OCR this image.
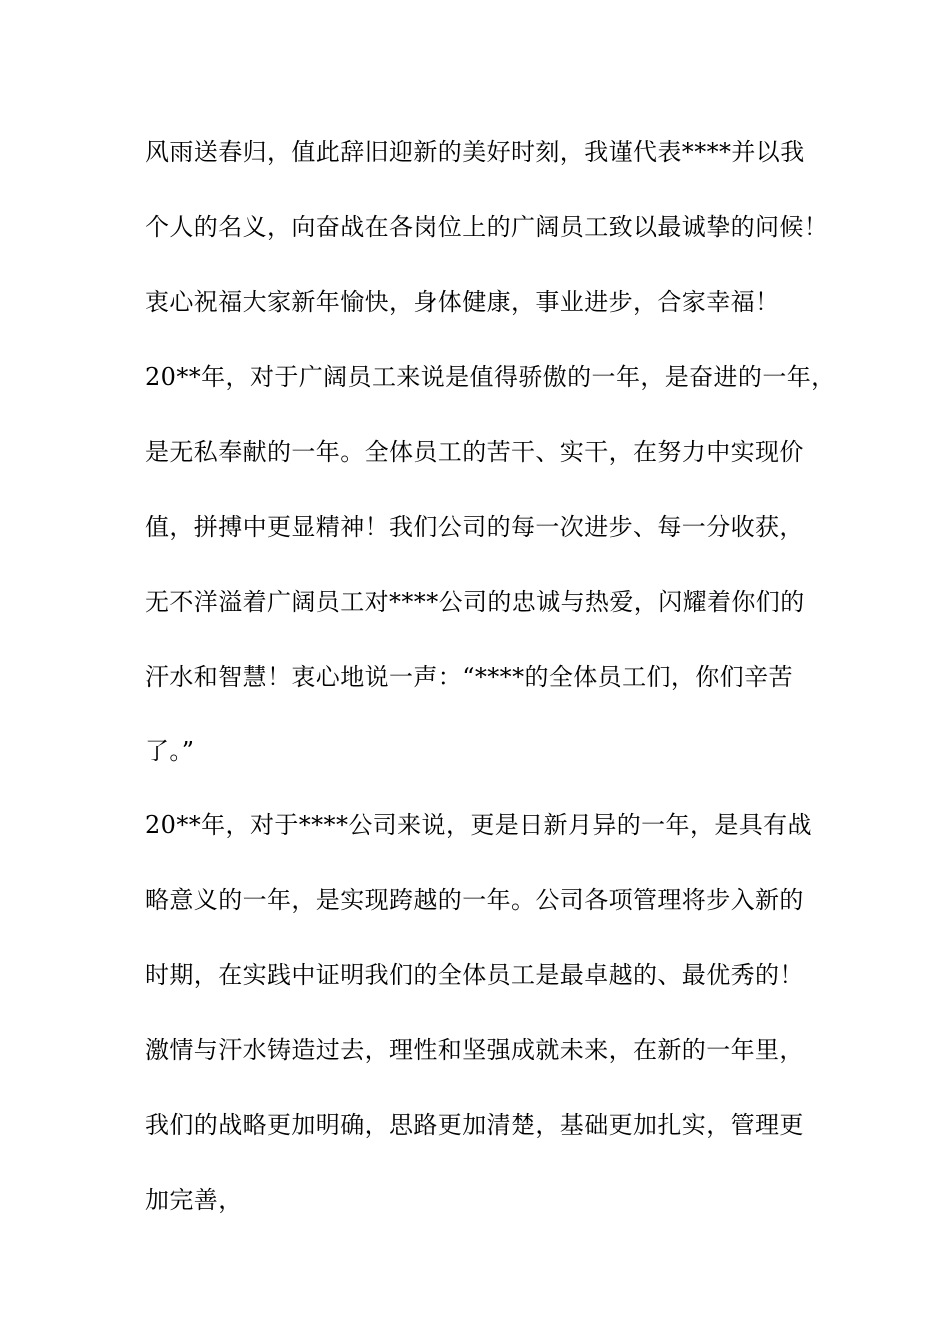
风雨送春归，值此辞旧迎新的美好时刻，我谨代表****并以我
个人的名义，向奋战在各岗位上的广阔员工致以最诚挚的问候！
衷心祝福大家新年愉快，身体健康，事业进步，合家幸福！
20**年，对于广阔员工来说是值得骄傲的一年，是奋进的一年，
是无私奉献的一年。全体员工的苦干、实干，在努力中实现价
值，拼搏中更显精神！我们公司的每一次进步、每一分收获，
无不洋溢着广阔员工对****公司的忠诚与热爱，闪耀着你们的
汗水和智慧！衷心地说一声：“****的全体员工们，你们辛苦
了。”
20**年，对于****公司来说，更是日新月异的一年，是具有战
略意义的一年，是实现跨越的一年。公司各项管理将步入新的
时期，在实践中证明我们的全体员工是最卓越的、最优秀的！
激情与汗水铸造过去，理性和坚强成就未来，在新的一年里，
我们的战略更加明确，思路更加清楚，基础更加扎实，管理更
加完善，
